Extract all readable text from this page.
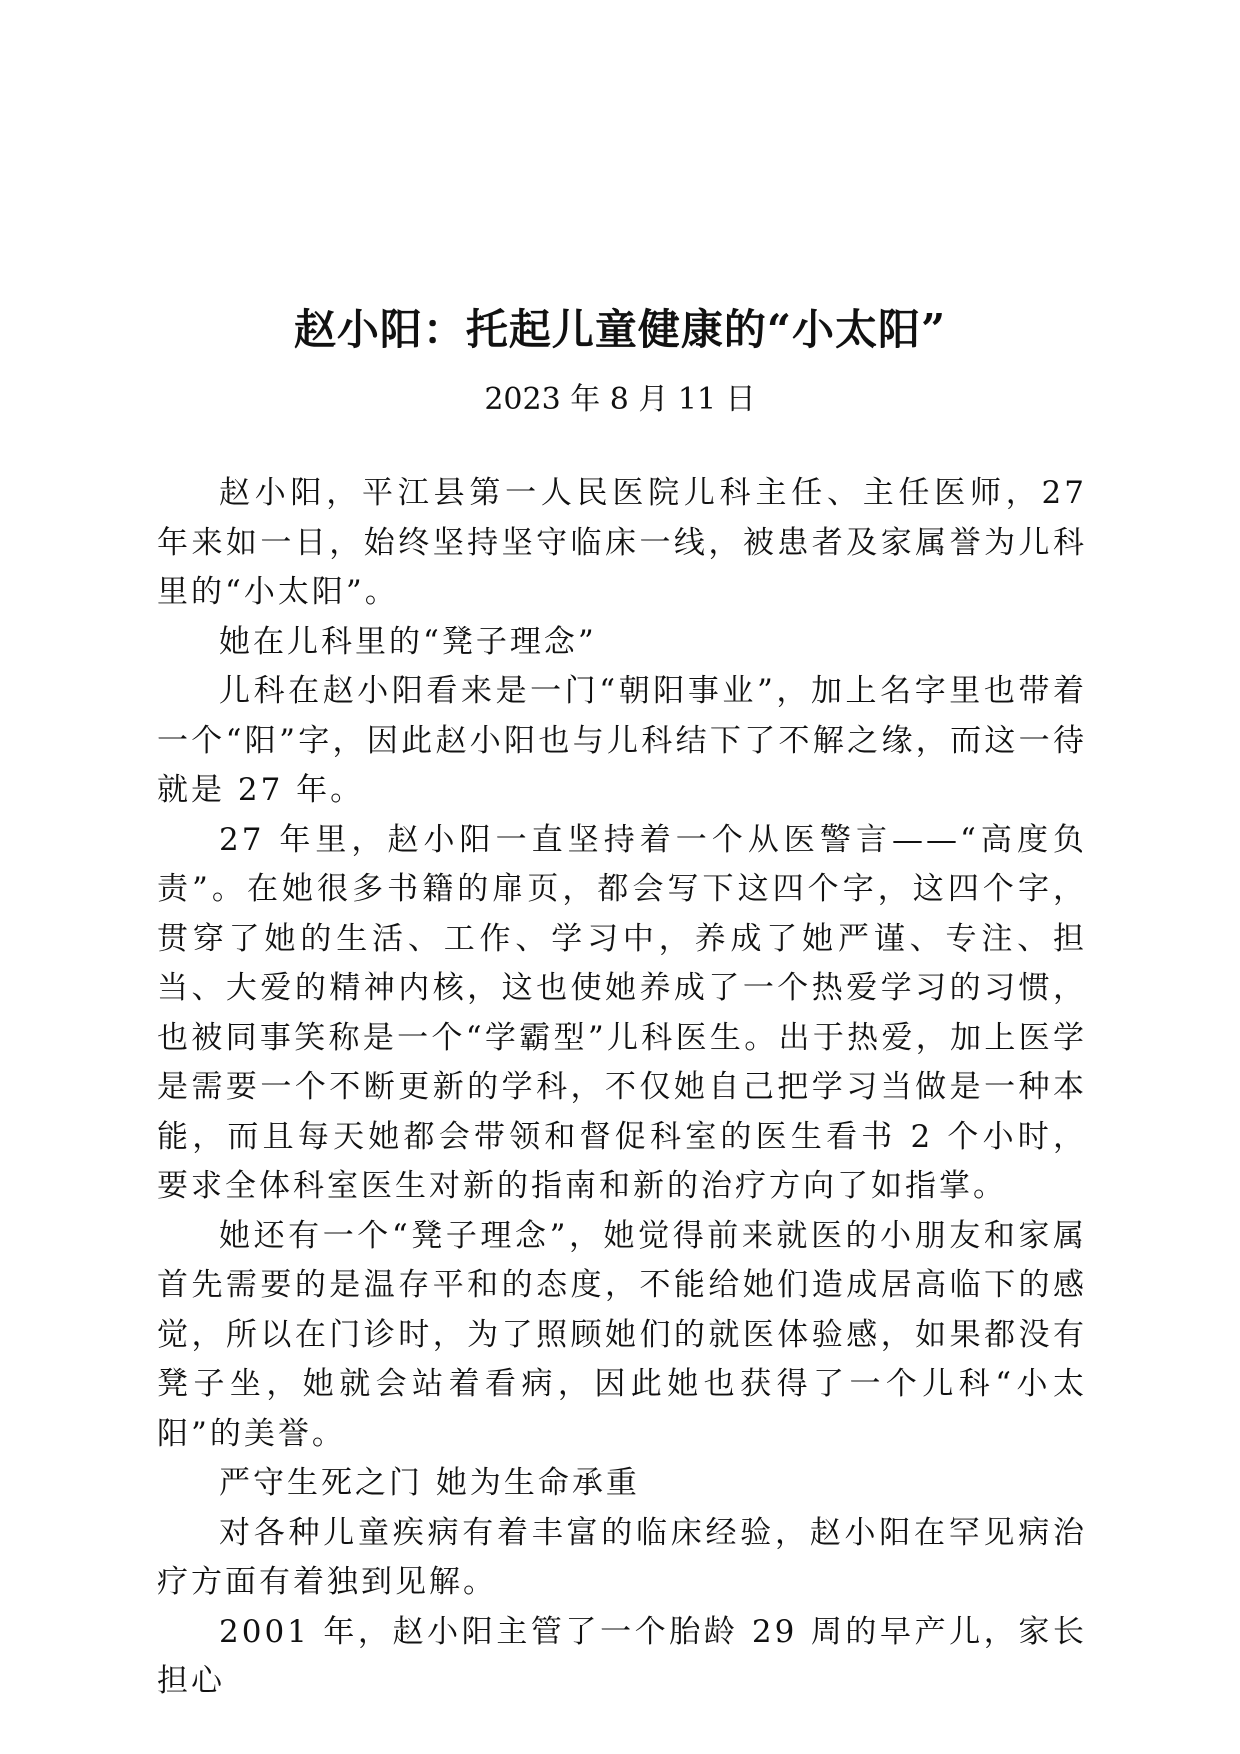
赵小阳：托起儿童健康的“小太阳”
2023 年 8 月 11 日

赵小阳，平江县第一人民医院儿科主任、主任医师，27 年来如一日，始终坚持坚守临床一线，被患者及家属誉为儿科里的“小太阳”。

她在儿科里的“凳子理念”

儿科在赵小阳看来是一门“朝阳事业”，加上名字里也带着一个“阳”字，因此赵小阳也与儿科结下了不解之缘，而这一待就是 27 年。

27 年里，赵小阳一直坚持着一个从医警言——“高度负责”。在她很多书籍的扉页，都会写下这四个字，这四个字，贯穿了她的生活、工作、学习中，养成了她严谨、专注、担当、大爱的精神内核，这也使她养成了一个热爱学习的习惯，也被同事笑称是一个“学霸型”儿科医生。出于热爱，加上医学是需要一个不断更新的学科，不仅她自己把学习当做是一种本能，而且每天她都会带领和督促科室的医生看书 2 个小时，要求全体科室医生对新的指南和新的治疗方向了如指掌。

她还有一个“凳子理念”，她觉得前来就医的小朋友和家属首先需要的是温存平和的态度，不能给她们造成居高临下的感觉，所以在门诊时，为了照顾她们的就医体验感，如果都没有凳子坐，她就会站着看病，因此她也获得了一个儿科“小太阳”的美誉。

严守生死之门 她为生命承重

对各种儿童疾病有着丰富的临床经验，赵小阳在罕见病治疗方面有着独到见解。

2001 年，赵小阳主管了一个胎龄 29 周的早产儿，家长担心
